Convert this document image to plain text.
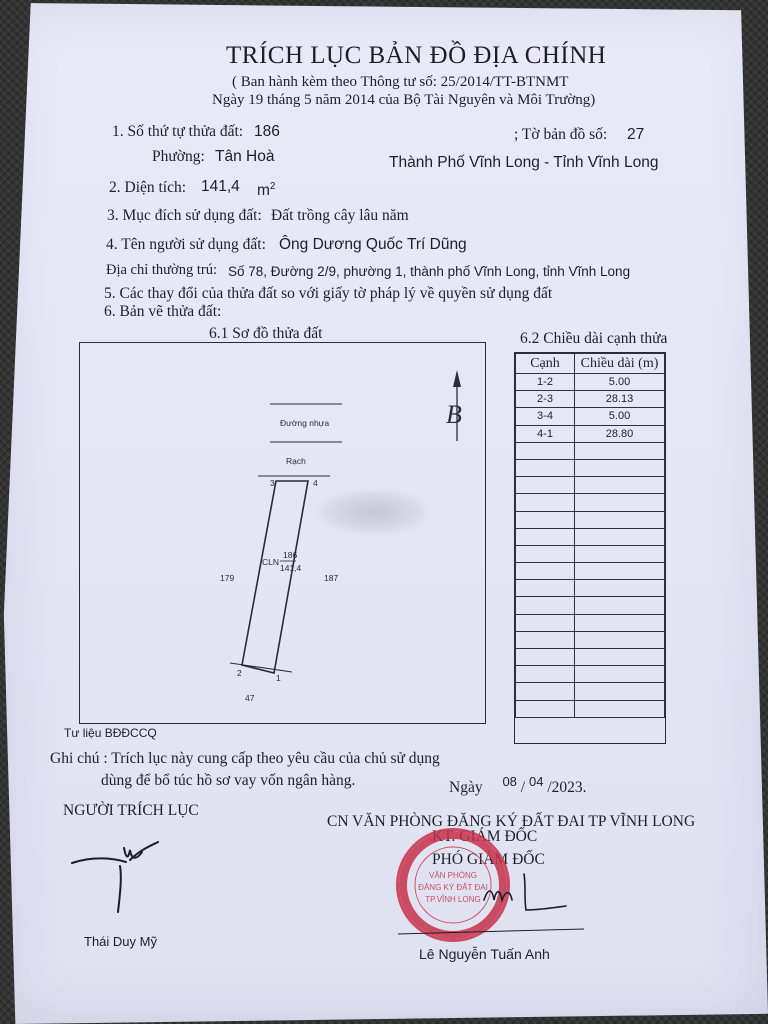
TRÍCH LỤC BẢN ĐỒ ĐỊA CHÍNH
( Ban hành kèm theo Thông tư số: 25/2014/TT-BTNMT
Ngày 19 tháng 5 năm 2014 của Bộ Tài Nguyên và Môi Trường)
1. Số thứ tự thửa đất: 186	; Tờ bản đồ số: 27
Phường: Tân Hoà	Thành Phố Vĩnh Long - Tỉnh Vĩnh Long
2. Diện tích: 141,4 $m^2$
3. Mục đích sử dụng đất: Đất trồng cây lâu năm
4. Tên người sử dụng đất: Ông Dương Quốc Trí Dũng
Địa chỉ thường trú: Số 78, Đường 2/9, phường 1, thành phố Vĩnh Long, tỉnh Vĩnh Long
5. Các thay đổi của thửa đất so với giấy tờ pháp lý về quyền sử dụng đất
6. Bản vẽ thửa đất:
6.1 Sơ đồ thửa đất	6.2 Chiều dài cạnh thửa
Đường nhựa
Rạch
B
3	4
1
2
CLN
186
141,4
179	187
47
Tư liệu BĐĐCCQ
Cạnh	Chiều dài (m)
1-2	5.00
2-3	28.13
3-4	5.00
4-1	28.80

Ghi chú : Trích lục này cung cấp theo yêu cầu của chủ sử dụng
dùng để bổ túc hồ sơ vay vốn ngân hàng.	Ngày $^{08}$ / $^{04}$ /2023.
NGƯỜI TRÍCH LỤC
CN VĂN PHÒNG ĐĂNG KÝ ĐẤT ĐAI TP VĨNH LONG
KT. GIÁM ĐỐC
PHÓ GIÁM ĐỐC
Thái Duy Mỹ
VĂN PHÒNG
ĐĂNG KÝ ĐẤT ĐAI
TP.VĨNH LONG
Lê Nguyễn Tuấn Anh
